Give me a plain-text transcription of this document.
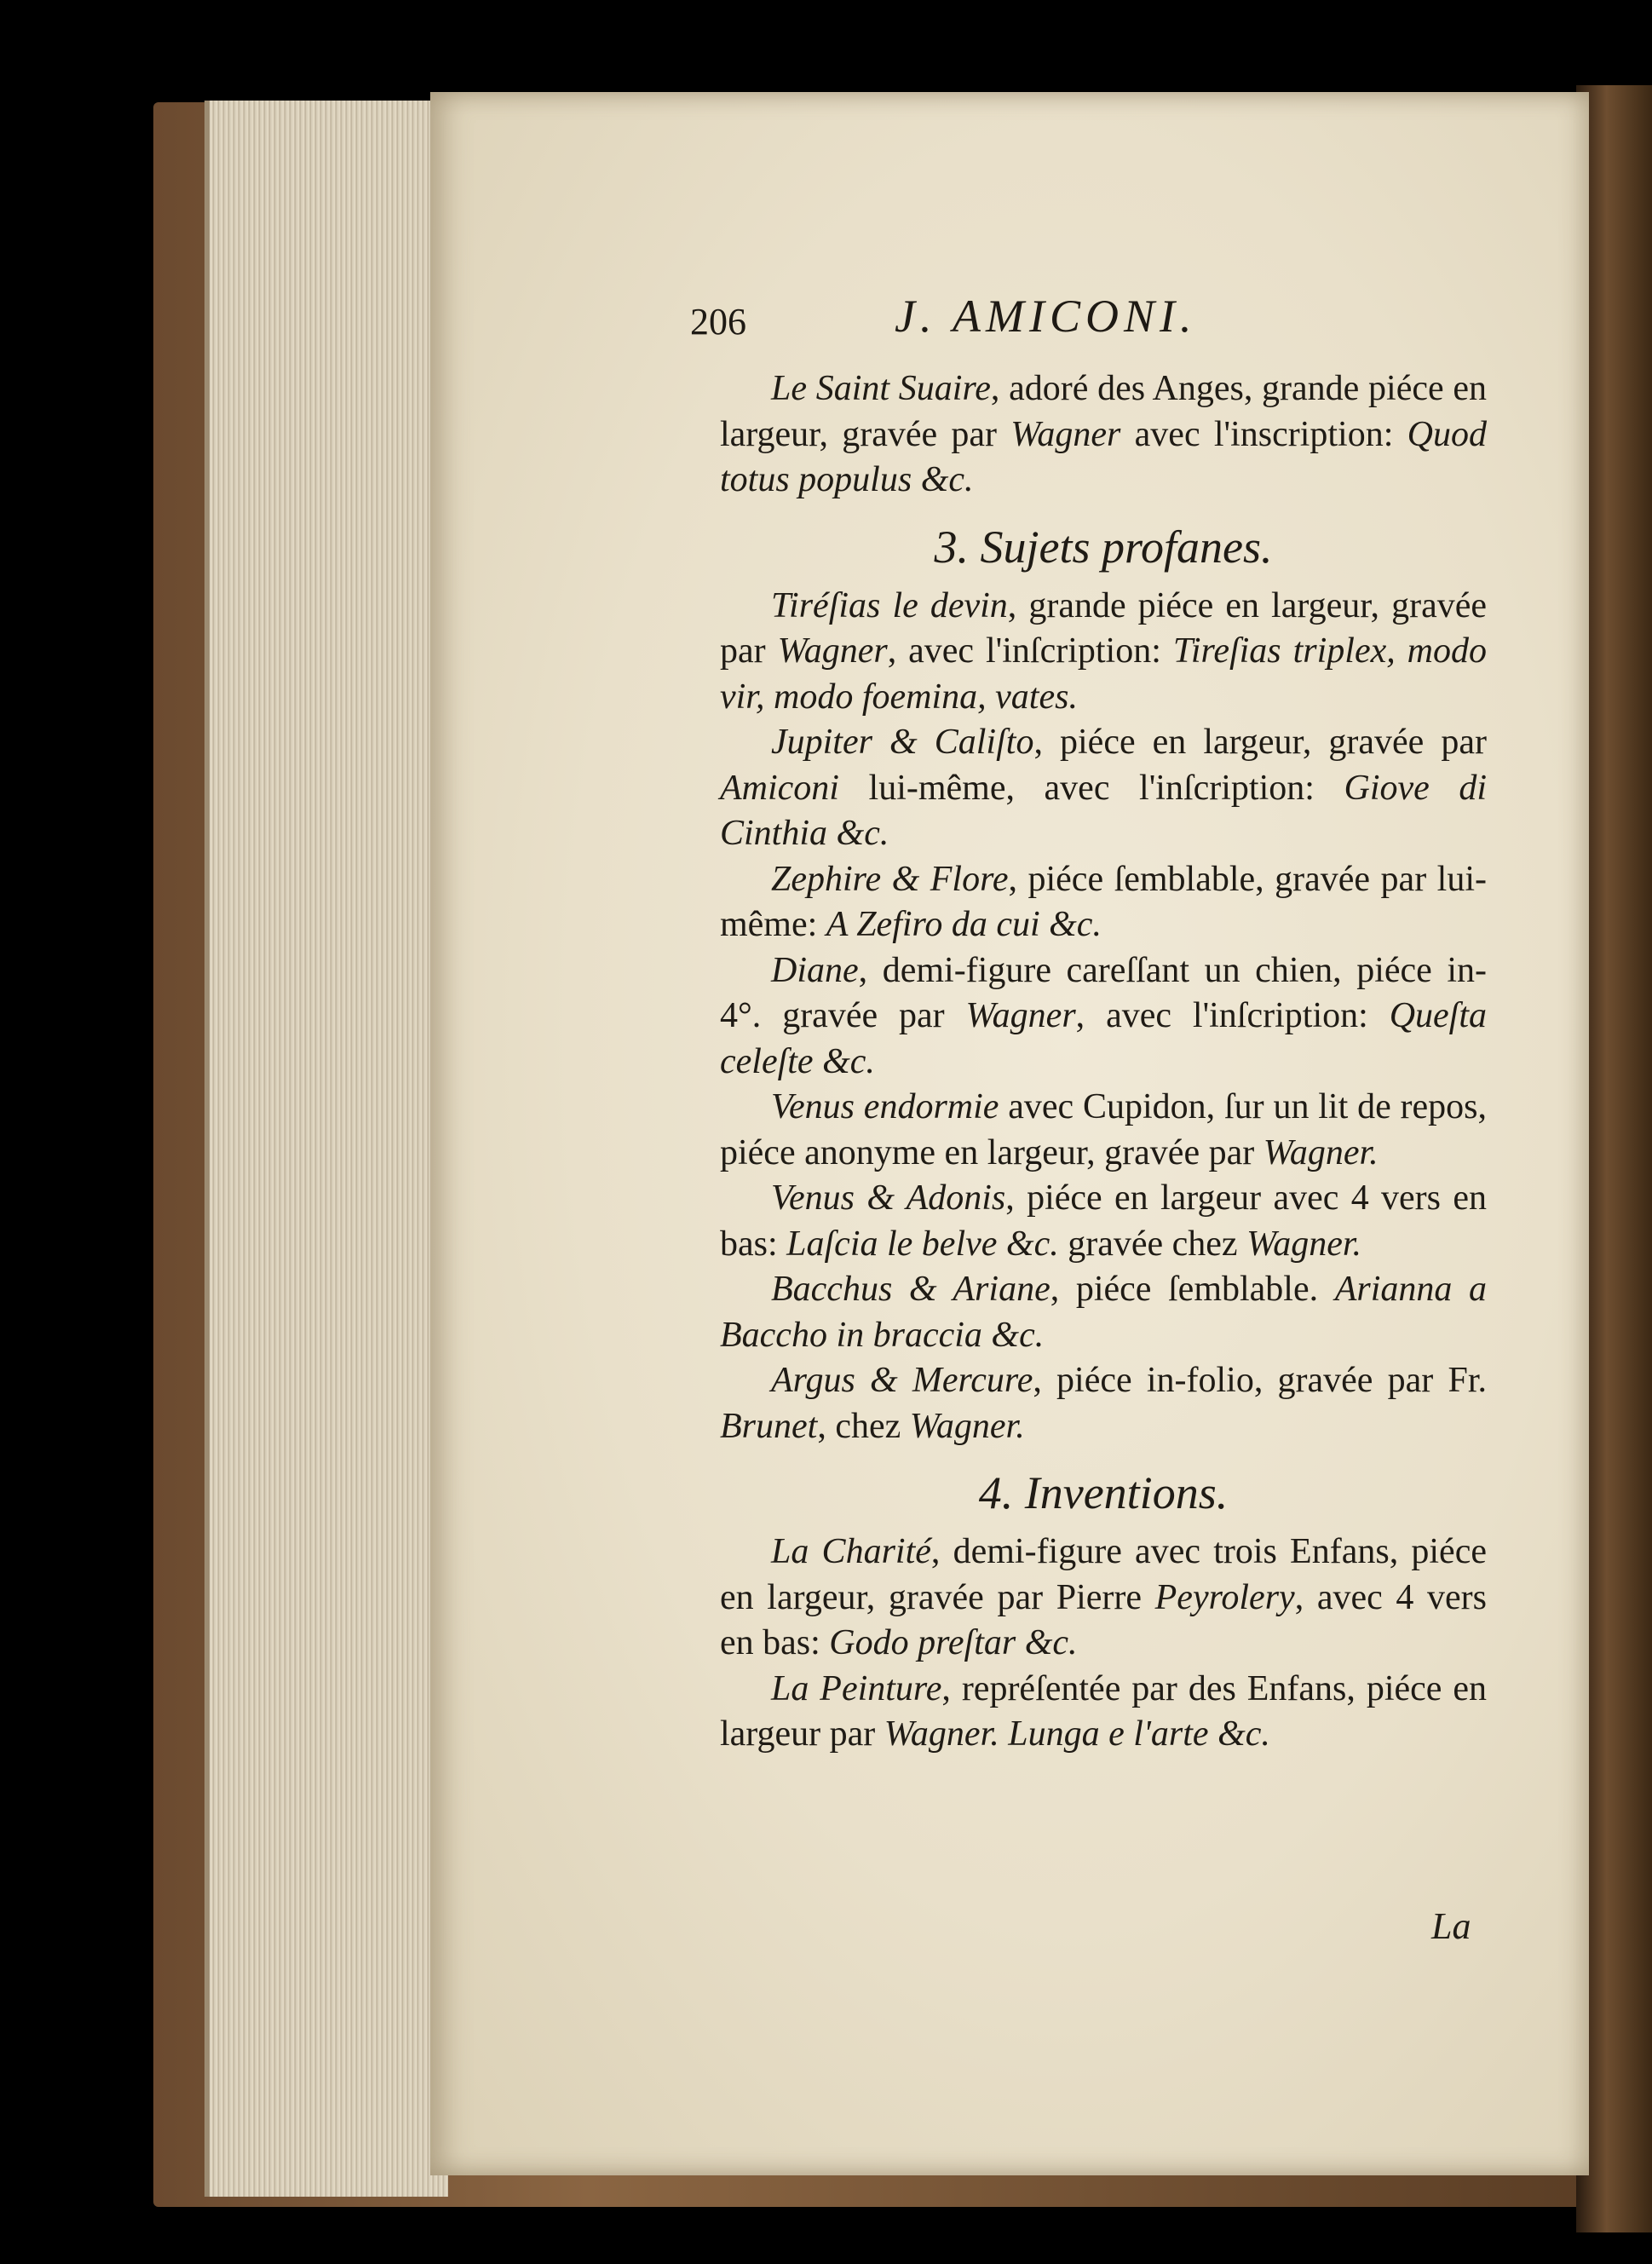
206	J. AMICONI.

Le Saint Suaire, adoré des Anges, grande piéce en largeur, gravée par Wagner avec l'inscription: Quod totus populus &c.

3. Sujets profanes.

Tiréſias le devin, grande piéce en largeur, gravée par Wagner, avec l'inſcription: Tireſias triplex, modo vir, modo foemina, vates.

Jupiter & Caliſto, piéce en largeur, gravée par Amiconi lui-même, avec l'inſcription: Giove di Cinthia &c.

Zephire & Flore, piéce ſemblable, gravée par lui-même: A Zefiro da cui &c.

Diane, demi-figure careſſant un chien, piéce in-4°. gravée par Wagner, avec l'inſcription: Queſta celeſte &c.

Venus endormie avec Cupidon, ſur un lit de repos, piéce anonyme en largeur, gravée par Wagner.

Venus & Adonis, piéce en largeur avec 4 vers en bas: Laſcia le belve &c. gravée chez Wagner.

Bacchus & Ariane, piéce ſemblable. Arianna a Baccho in braccia &c.

Argus & Mercure, piéce in-folio, gravée par Fr. Brunet, chez Wagner.

4. Inventions.

La Charité, demi-figure avec trois Enfans, piéce en largeur, gravée par Pierre Peyrolery, avec 4 vers en bas: Godo preſtar &c.

La Peinture, repréſentée par des Enfans, piéce en largeur par Wagner. Lunga e l'arte &c.

La
